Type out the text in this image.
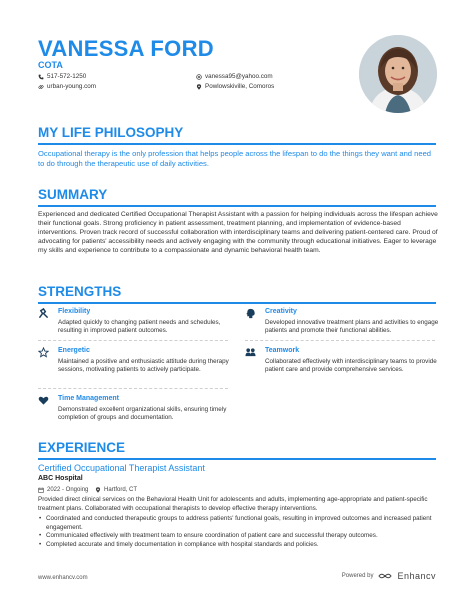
VANESSA FORD
COTA
517-572-1250	vanessa95@yahoo.com
urban-young.com	Powlowskiville, Comoros
MY LIFE PHILOSOPHY
Occupational therapy is the only profession that helps people across the lifespan to do the things they want and need to do through the therapeutic use of daily activities.
SUMMARY
Experienced and dedicated Certified Occupational Therapist Assistant with a passion for helping individuals across the lifespan achieve their functional goals. Strong proficiency in patient assessment, treatment planning, and implementation of evidence-based interventions. Proven track record of successful collaboration with interdisciplinary teams and delivering patient-centered care. Proud of advocating for patients' accessibility needs and actively engaging with the community through educational initiatives. Eager to leverage my skills and experience to contribute to a compassionate and dynamic behavioral health team.
STRENGTHS
Flexibility
Adapted quickly to changing patient needs and schedules, resulting in improved patient outcomes.
Creativity
Developed innovative treatment plans and activities to engage patients and promote their functional abilities.
Energetic
Maintained a positive and enthusiastic attitude during therapy sessions, motivating patients to actively participate.
Teamwork
Collaborated effectively with interdisciplinary teams to provide patient care and provide comprehensive services.
Time Management
Demonstrated excellent organizational skills, ensuring timely completion of groups and documentation.
EXPERIENCE
Certified Occupational Therapist Assistant
ABC Hospital
2022 - Ongoing	Hartford, CT
Provided direct clinical services on the Behavioral Health Unit for adolescents and adults, implementing age-appropriate and patient-specific treatment plans. Collaborated with occupational therapists to develop effective therapy interventions.
• Coordinated and conducted therapeutic groups to address patients' functional goals, resulting in improved outcomes and increased patient engagement.
• Communicated effectively with treatment team to ensure coordination of patient care and successful therapy outcomes.
• Completed accurate and timely documentation in compliance with hospital standards and policies.
www.enhancv.com	Powered by	Enhancv
